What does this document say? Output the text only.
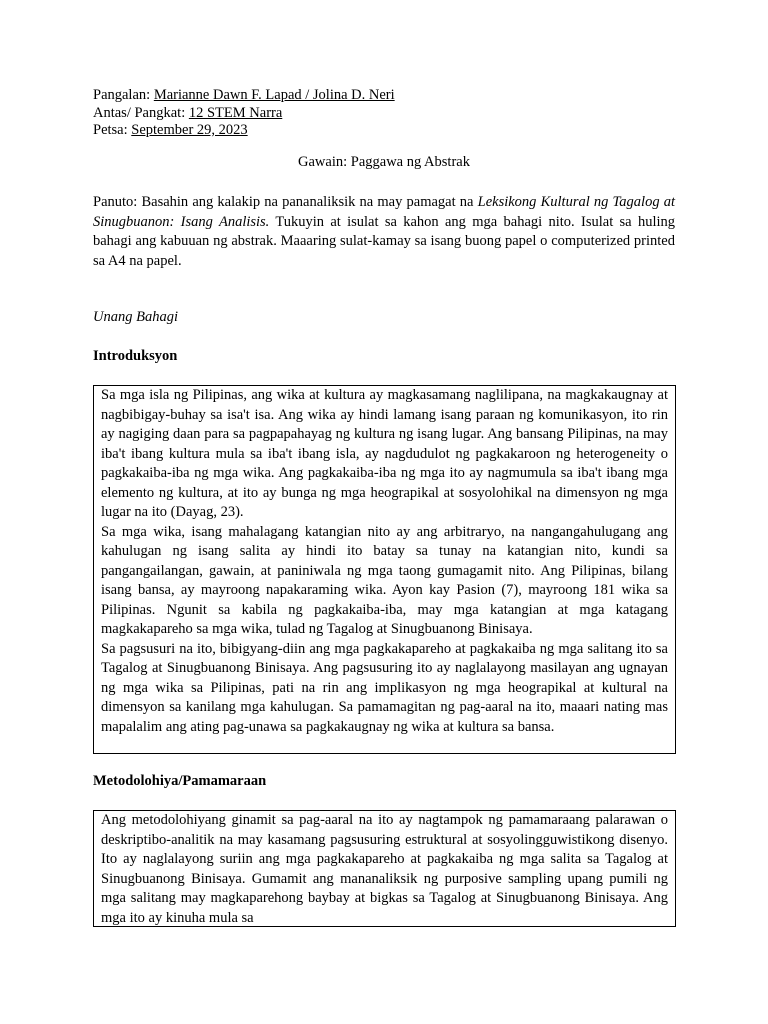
Pangalan: Marianne Dawn F. Lapad / Jolina D. Neri
Antas/ Pangkat: 12 STEM Narra
Petsa: September 29, 2023
Gawain: Paggawa ng Abstrak
Panuto: Basahin ang kalakip na pananaliksik na may pamagat na Leksikong Kultural ng Tagalog at Sinugbuanon: Isang Analisis. Tukuyin at isulat sa kahon ang mga bahagi nito. Isulat sa huling bahagi ang kabuuan ng abstrak. Maaaring sulat-kamay sa isang buong papel o computerized printed sa A4 na papel.
Unang Bahagi
Introduksyon

Sa mga isla ng Pilipinas, ang wika at kultura ay magkasamang naglilipana, na magkakaugnay at nagbibigay-buhay sa isa't isa. Ang wika ay hindi lamang isang paraan ng komunikasyon, ito rin ay nagiging daan para sa pagpapahayag ng kultura ng isang lugar. Ang bansang Pilipinas, na may iba't ibang kultura mula sa iba't ibang isla, ay nagdudulot ng pagkakaroon ng heterogeneity o pagkakaiba-iba ng mga wika. Ang pagkakaiba-iba ng mga ito ay nagmumula sa iba't ibang mga elemento ng kultura, at ito ay bunga ng mga heograpikal at sosyolohikal na dimensyon ng mga lugar na ito (Dayag, 23).

Sa mga wika, isang mahalagang katangian nito ay ang arbitraryo, na nangangahulugang ang kahulugan ng isang salita ay hindi ito batay sa tunay na katangian nito, kundi sa pangangailangan, gawain, at paniniwala ng mga taong gumagamit nito. Ang Pilipinas, bilang isang bansa, ay mayroong napakaraming wika. Ayon kay Pasion (7), mayroong 181 wika sa Pilipinas. Ngunit sa kabila ng pagkakaiba-iba, may mga katangian at mga katagang magkakapareho sa mga wika, tulad ng Tagalog at Sinugbuanong Binisaya.

Sa pagsusuri na ito, bibigyang-diin ang mga pagkakapareho at pagkakaiba ng mga salitang ito sa Tagalog at Sinugbuanong Binisaya. Ang pagsusuring ito ay naglalayong masilayan ang ugnayan ng mga wika sa Pilipinas, pati na rin ang implikasyon ng mga heograpikal at kultural na dimensyon sa kanilang mga kahulugan. Sa pamamagitan ng pag-aaral na ito, maaari nating mas mapalalim ang ating pag-unawa sa pagkakaugnay ng wika at kultura sa bansa.

Metodolohiya/Pamamaraan

Ang metodolohiyang ginamit sa pag-aaral na ito ay nagtampok ng pamamaraang palarawan o deskriptibo-analitik na may kasamang pagsusuring estruktural at sosyolingguwistikong disenyo. Ito ay naglalayong suriin ang mga pagkakapareho at pagkakaiba ng mga salita sa Tagalog at Sinugbuanong Binisaya. Gumamit ang mananaliksik ng purposive sampling upang pumili ng mga salitang may magkaparehong baybay at bigkas sa Tagalog at Sinugbuanong Binisaya. Ang mga ito ay kinuha mula sa
